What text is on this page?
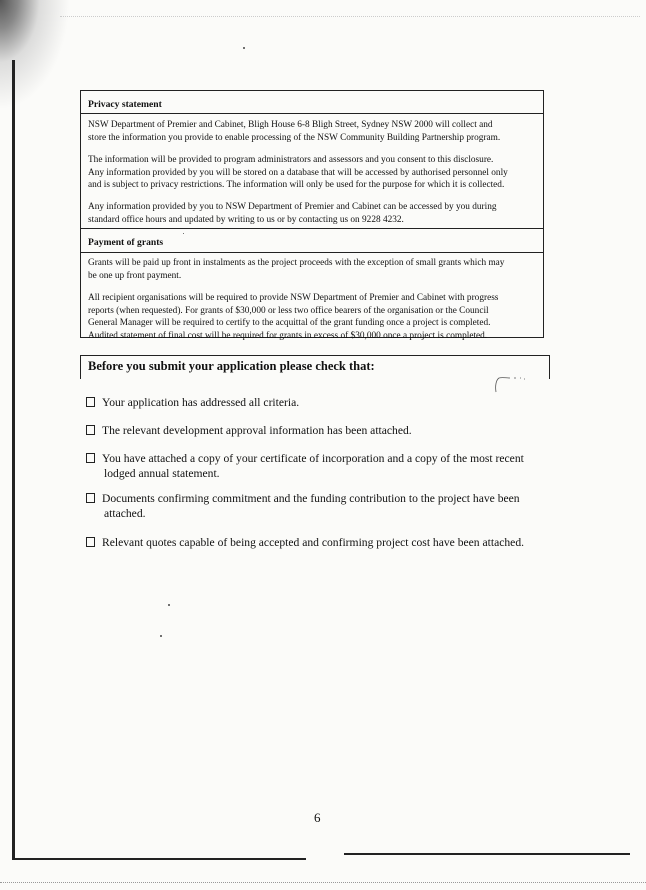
Privacy statement
NSW Department of Premier and Cabinet, Bligh House 6-8 Bligh Street, Sydney NSW 2000 will collect and
store the information you provide to enable processing of the NSW Community Building Partnership program.
The information will be provided to program administrators and assessors and you consent to this disclosure.
Any information provided by you will be stored on a database that will be accessed by authorised personnel only
and is subject to privacy restrictions. The information will only be used for the purpose for which it is collected.
Any information provided by you to NSW Department of Premier and Cabinet can be accessed by you during
standard office hours and updated by writing to us or by contacting us on 9228 4232.
Payment of grants
Grants will be paid up front in instalments as the project proceeds with the exception of small grants which may
be one up front payment.
All recipient organisations will be required to provide NSW Department of Premier and Cabinet with progress
reports (when requested). For grants of $30,000 or less two office bearers of the organisation or the Council
General Manager will be required to certify to the acquittal of the grant funding once a project is completed.
Audited statement of final cost will be required for grants in excess of $30,000 once a project is completed.
Before you submit your application please check that:
Your application has addressed all criteria.
The relevant development approval information has been attached.
You have attached a copy of your certificate of incorporation and a copy of the most recent
lodged annual statement.
Documents confirming commitment and the funding contribution to the project have been
attached.
Relevant quotes capable of being accepted and confirming project cost have been attached.
6
